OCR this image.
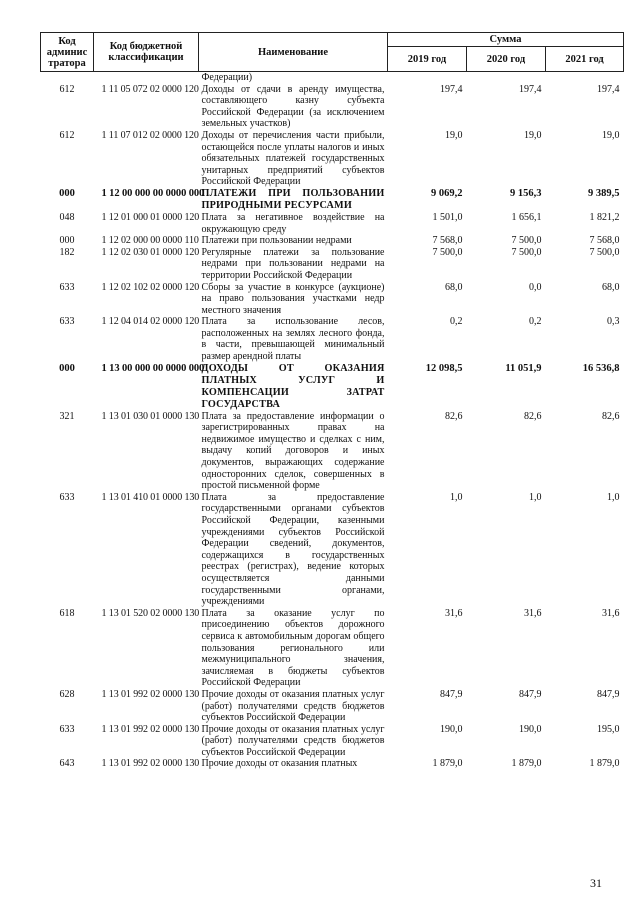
Код админис тратора	Код бюджетной классификации	Наименование	Сумма		
			2019 год	2020 год	2021 год
		Федерации)			
612	1 11 05 072 02 0000 120	Доходы от сдачи в аренду имущества, составляющего казну субъекта Российской Федерации (за исключением земельных участков)	197,4	197,4	197,4
612	1 11 07 012 02 0000 120	Доходы от перечисления части прибыли, остающейся после уплаты налогов и иных обязательных платежей государственных унитарных предприятий субъектов Российской Федерации	19,0	19,0	19,0
000	1 12 00 000 00 0000 000	ПЛАТЕЖИ ПРИ ПОЛЬЗОВАНИИ ПРИРОДНЫМИ РЕСУРСАМИ	9 069,2	9 156,3	9 389,5
048	1 12 01 000 01 0000 120	Плата за негативное воздействие на окружающую среду	1 501,0	1 656,1	1 821,2
000	1 12 02 000 00 0000 110	Платежи при пользовании недрами	7 568,0	7 500,0	7 568,0
182	1 12 02 030 01 0000 120	Регулярные платежи за пользование недрами при пользовании недрами на территории Российской Федерации	7 500,0	7 500,0	7 500,0
633	1 12 02 102 02 0000 120	Сборы за участие в конкурсе (аукционе) на право пользования участками недр местного значения	68,0	0,0	68,0
633	1 12 04 014 02 0000 120	Плата за использование лесов, расположенных на землях лесного фонда, в части, превышающей минимальный размер арендной платы	0,2	0,2	0,3
000	1 13 00 000 00 0000 000	ДОХОДЫ ОТ ОКАЗАНИЯ ПЛАТНЫХ УСЛУГ И КОМПЕНСАЦИИ ЗАТРАТ ГОСУДАРСТВА	12 098,5	11 051,9	16 536,8
321	1 13 01 030 01 0000 130	Плата за предоставление информации о зарегистрированных правах на недвижимое имущество и сделках с ним, выдачу копий договоров и иных документов, выражающих содержание односторонних сделок, совершенных в простой письменной форме	82,6	82,6	82,6
633	1 13 01 410 01 0000 130	Плата за предоставление государственными органами субъектов Российской Федерации, казенными учреждениями субъектов Российской Федерации сведений, документов, содержащихся в государственных реестрах (регистрах), ведение которых осуществляется данными государственными органами, учреждениями	1,0	1,0	1,0
618	1 13 01 520 02 0000 130	Плата за оказание услуг по присоединению объектов дорожного сервиса к автомобильным дорогам общего пользования регионального или межмуниципального значения, зачисляемая в бюджеты субъектов Российской Федерации	31,6	31,6	31,6
628	1 13 01 992 02 0000 130	Прочие доходы от оказания платных услуг (работ) получателями средств бюджетов субъектов Российской Федерации	847,9	847,9	847,9
633	1 13 01 992 02 0000 130	Прочие доходы от оказания платных услуг (работ) получателями средств бюджетов субъектов Российской Федерации	190,0	190,0	195,0
643	1 13 01 992 02 0000 130	Прочие доходы от оказания платных	1 879,0	1 879,0	1 879,0
31
